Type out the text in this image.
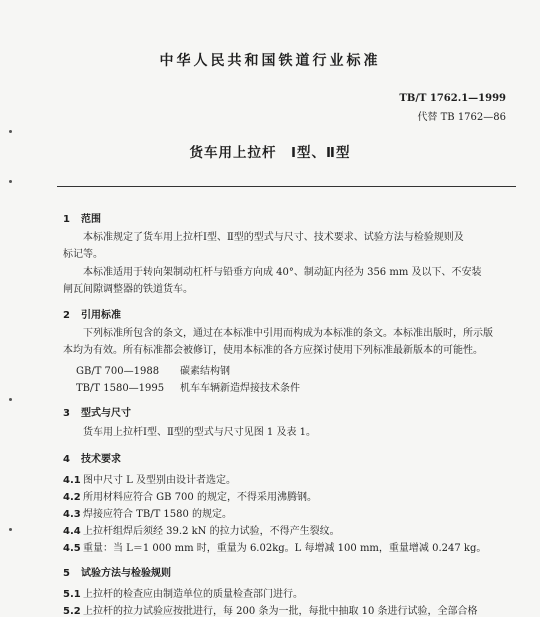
中华人民共和国铁道行业标准
TB/T 1762.1—1999
代替 TB 1762—86
货车用上拉杆　Ⅰ型、Ⅱ型
1 范围
本标准规定了货车用上拉杆Ⅰ型、Ⅱ型的型式与尺寸、技术要求、试验方法与检验规则及
标记等。
本标准适用于转向架制动杠杆与铅垂方向成 40°、制动缸内径为 356 mm 及以下、不安装
闸瓦间隙调整器的铁道货车。
2 引用标准
下列标准所包含的条文，通过在本标准中引用而构成为本标准的条文。本标准出版时，所示版
本均为有效。所有标准都会被修订，使用本标准的各方应探讨使用下列标准最新版本的可能性。
GB/T 700—1988 碳素结构钢
TB/T 1580—1995 机车车辆新造焊接技术条件
3 型式与尺寸
货车用上拉杆Ⅰ型、Ⅱ型的型式与尺寸见图 1 及表 1。
4 技术要求
4.1 图中尺寸 L 及型别由设计者选定。
4.2 所用材料应符合 GB 700 的规定，不得采用沸腾钢。
4.3 焊接应符合 TB/T 1580 的规定。
4.4 上拉杆组焊后须经 39.2 kN 的拉力试验，不得产生裂纹。
4.5 重量：当 L＝1 000 mm 时，重量为 6.02kg。L 每增减 100 mm，重量增减 0.247 kg。
5 试验方法与检验规则
5.1 上拉杆的检查应由制造单位的质量检查部门进行。
5.2 上拉杆的拉力试验应按批进行，每 200 条为一批，每批中抽取 10 条进行试验，全部合格
